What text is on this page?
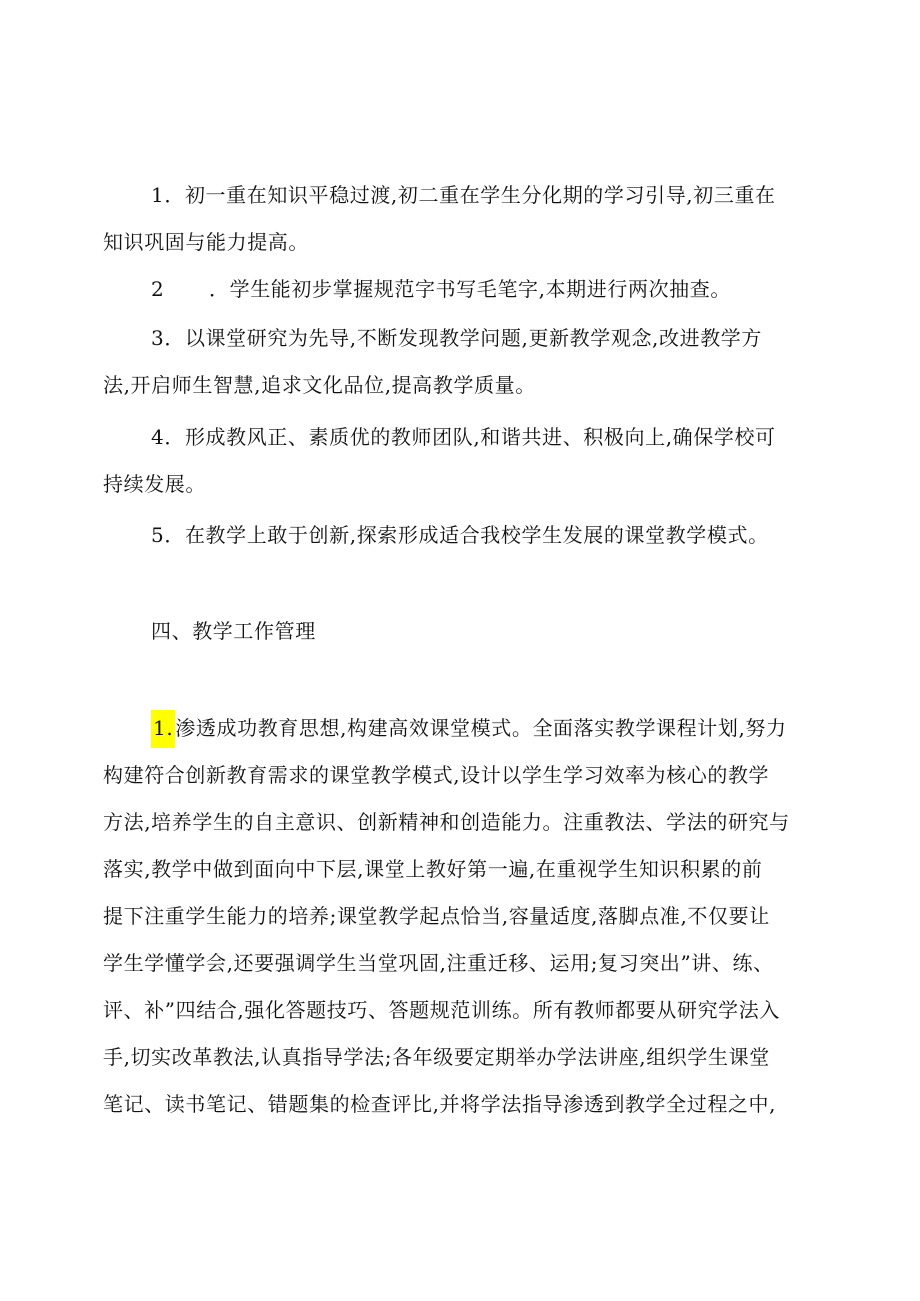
1．初一重在知识平稳过渡,初二重在学生分化期的学习引导,初三重在
知识巩固与能力提高。
2 ．学生能初步掌握规范字书写毛笔字,本期进行两次抽查。
3．以课堂研究为先导,不断发现教学问题,更新教学观念,改进教学方
法,开启师生智慧,追求文化品位,提高教学质量。
4．形成教风正、素质优的教师团队,和谐共进、积极向上,确保学校可
持续发展。
5．在教学上敢于创新,探索形成适合我校学生发展的课堂教学模式。
四、教学工作管理
1. 渗透成功教育思想,构建高效课堂模式。全面落实教学课程计划,努力
构建符合创新教育需求的课堂教学模式,设计以学生学习效率为核心的教学
方法,培养学生的自主意识、创新精神和创造能力。注重教法、学法的研究与
落实,教学中做到面向中下层,课堂上教好第一遍,在重视学生知识积累的前
提下注重学生能力的培养;课堂教学起点恰当,容量适度,落脚点准,不仅要让
学生学懂学会,还要强调学生当堂巩固,注重迁移、运用;复习突出”讲、练、
评、补”四结合,强化答题技巧、答题规范训练。所有教师都要从研究学法入
手,切实改革教法,认真指导学法;各年级要定期举办学法讲座,组织学生课堂
笔记、读书笔记、错题集的检查评比,并将学法指导渗透到教学全过程之中,
